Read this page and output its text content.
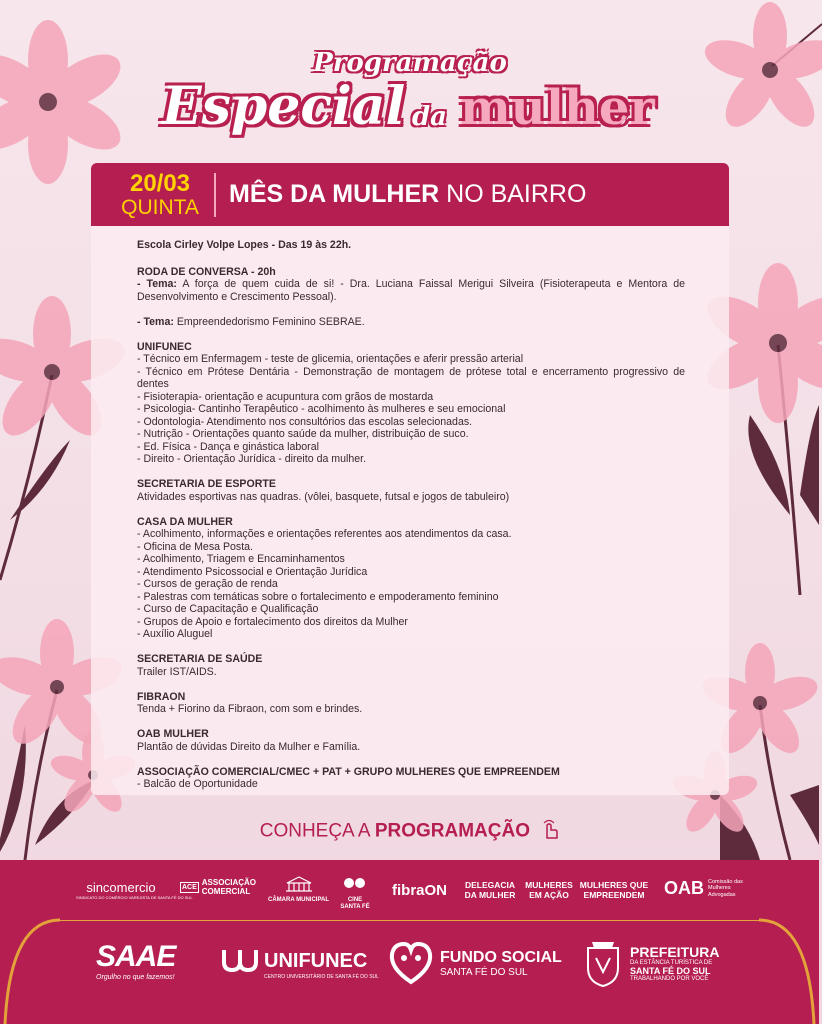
Programação
Especial da mulher
20/03
QUINTA	MÊS DA MULHER NO BAIRRO
Escola Cirley Volpe Lopes - Das 19 às 22h.
RODA DE CONVERSA - 20h
- Tema: A força de quem cuida de si! - Dra. Luciana Faissal Merigui Silveira (Fisioterapeuta e Mentora de Desenvolvimento e Crescimento Pessoal).
- Tema: Empreendedorismo Feminino SEBRAE.
UNIFUNEC
- Técnico em Enfermagem - teste de glicemia, orientações e aferir pressão arterial
- Técnico em Prótese Dentária - Demonstração de montagem de prótese total e encerramento progressivo de dentes
- Fisioterapia- orientação e acupuntura com grãos de mostarda
- Psicologia- Cantinho Terapêutico - acolhimento às mulheres e seu emocional
- Odontologia- Atendimento nos consultórios das escolas selecionadas.
- Nutrição - Orientações quanto saúde da mulher, distribuição de suco.
- Ed. Física - Dança e ginástica laboral
- Direito - Orientação Jurídica - direito da mulher.
SECRETARIA DE ESPORTE
Atividades esportivas nas quadras. (vôlei, basquete, futsal e jogos de tabuleiro)
CASA DA MULHER
- Acolhimento, informações e orientações referentes aos atendimentos da casa.
- Oficina de Mesa Posta.
- Acolhimento, Triagem e Encaminhamentos
- Atendimento Psicossocial e Orientação Jurídica
- Cursos de geração de renda
- Palestras com temáticas sobre o fortalecimento e empoderamento feminino
- Curso de Capacitação e Qualificação
- Grupos de Apoio e fortalecimento dos direitos da Mulher
- Auxílio Aluguel
SECRETARIA DE SAÚDE
Trailer IST/AIDS.
FIBRAON
Tenda + Fiorino da Fibraon, com som e brindes.
OAB MULHER
Plantão de dúvidas Direito da Mulher e Família.
ASSOCIAÇÃO COMERCIAL/CMEC + PAT + GRUPO MULHERES QUE EMPREENDEM
- Balcão de Oportunidade
CONHEÇA A PROGRAMAÇÃO
sincomercio
SINDICATO DO COMÉRCIO VAREJISTA DE SANTA FÉ DO SUL
ACE ASSOCIAÇÃO COMERCIAL
CÂMARA MUNICIPAL	CINE SANTA FÉ
fibraON	DELEGACIA DA MULHER
MULHERES EM AÇÃO
MULHERES QUE EMPREENDEM	OAB Comissão das Mulheres Advogadas
SAAE
Orgulho no que fazemos!
UNIFUNEC
CENTRO UNIVERSITÁRIO DE SANTA FÉ DO SUL
FUNDO SOCIAL
SANTA FÉ DO SUL
PREFEITURA
DA ESTÂNCIA TURÍSTICA DE
SANTA FÉ DO SUL
TRABALHANDO POR VOCÊ
